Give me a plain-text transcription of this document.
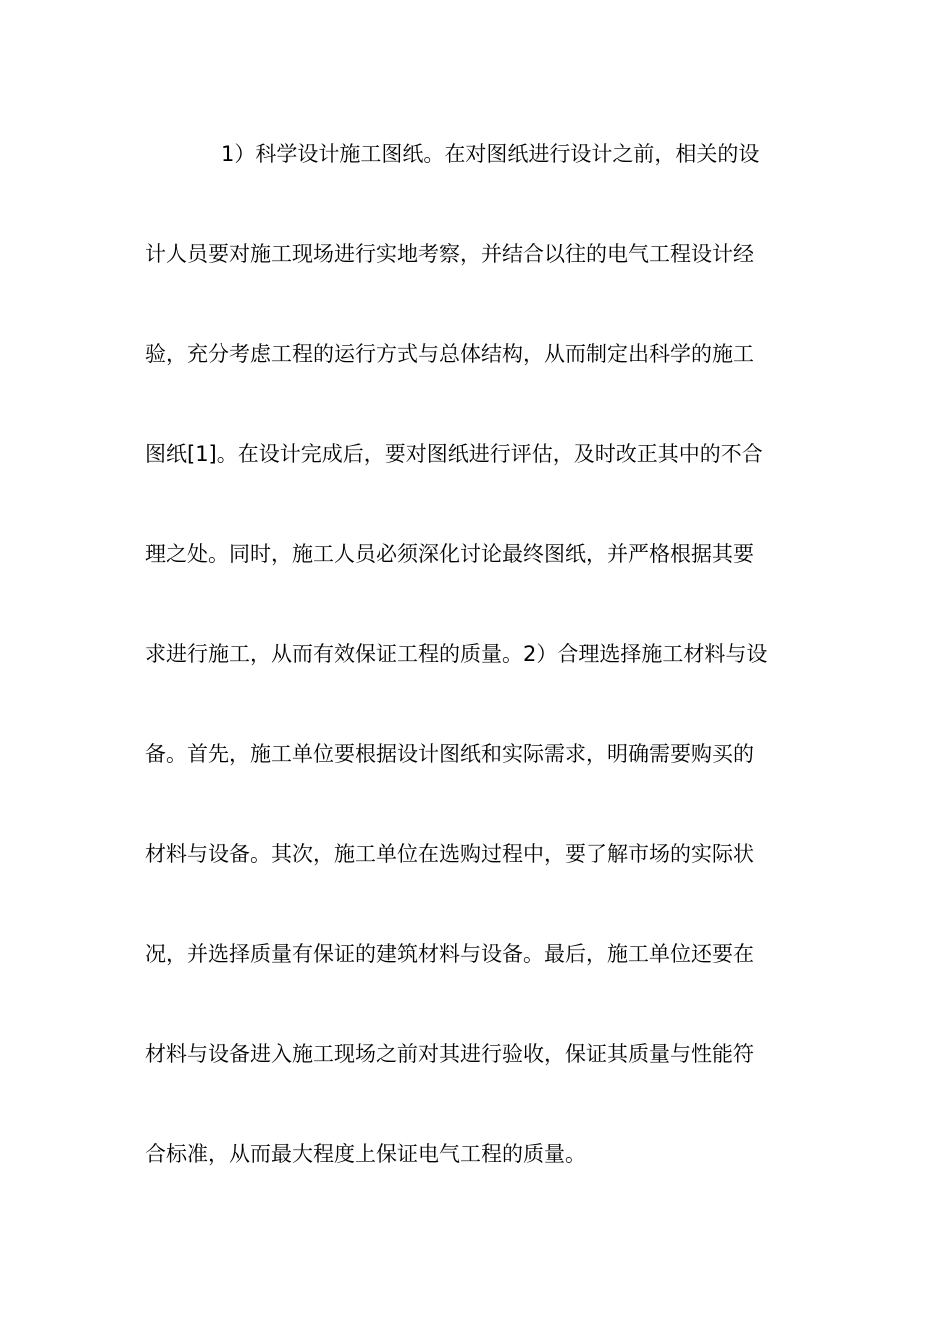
1）科学设计施工图纸。在对图纸进行设计之前，相关的设
计人员要对施工现场进行实地考察，并结合以往的电气工程设计经
验，充分考虑工程的运行方式与总体结构，从而制定出科学的施工
图纸[1]。在设计完成后，要对图纸进行评估，及时改正其中的不合
理之处。同时，施工人员必须深化讨论最终图纸，并严格根据其要
求进行施工，从而有效保证工程的质量。2）合理选择施工材料与设
备。首先，施工单位要根据设计图纸和实际需求，明确需要购买的
材料与设备。其次，施工单位在选购过程中，要了解市场的实际状
况，并选择质量有保证的建筑材料与设备。最后，施工单位还要在
材料与设备进入施工现场之前对其进行验收，保证其质量与性能符
合标准，从而最大程度上保证电气工程的质量。
